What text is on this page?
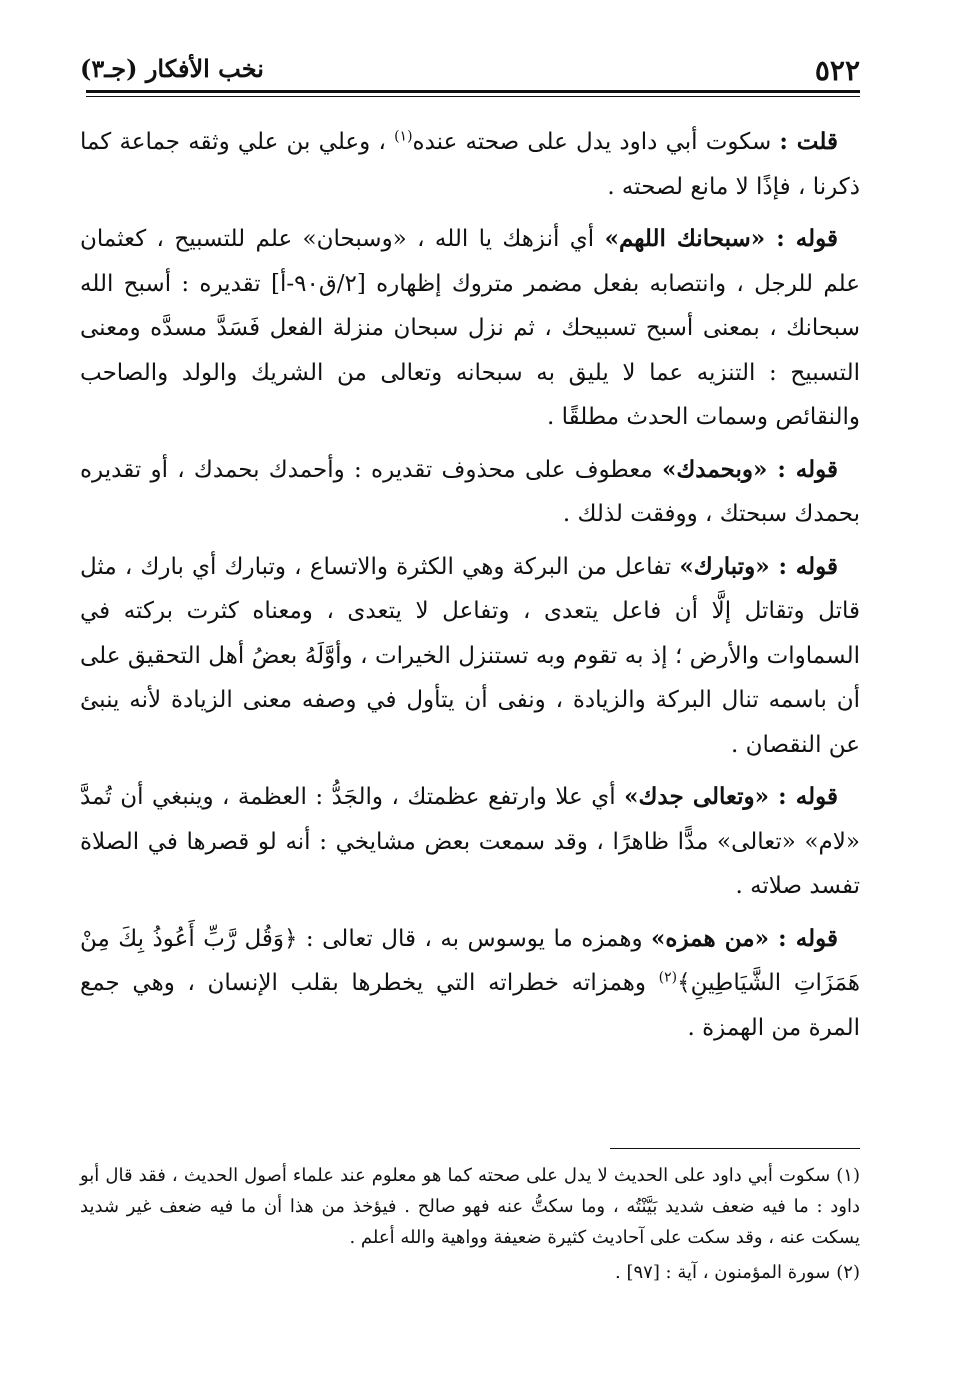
٥٢٢
نخب الأفكار (جـ٣)

قلت : سكوت أبي داود يدل على صحته عنده$^{(١)}$ ، وعلي بن علي وثقه جماعة كما ذكرنا ، فإذًا لا مانع لصحته .

قوله : «سبحانك اللهم» أي أنزهك يا الله ، «وسبحان» علم للتسبيح ، كعثمان علم للرجل ، وانتصابه بفعل مضمر متروك إظهاره [٢/ق٩٠-أ] تقديره : أسبح الله سبحانك ، بمعنى أسبح تسبيحك ، ثم نزل سبحان منزلة الفعل فَسَدَّ مسدَّه ومعنى التسبيح : التنزيه عما لا يليق به سبحانه وتعالى من الشريك والولد والصاحب والنقائص وسمات الحدث مطلقًا .

قوله : «وبحمدك» معطوف على محذوف تقديره : وأحمدك بحمدك ، أو تقديره بحمدك سبحتك ، ووفقت لذلك .

قوله : «وتبارك» تفاعل من البركة وهي الكثرة والاتساع ، وتبارك أي بارك ، مثل قاتل وتقاتل إلَّا أن فاعل يتعدى ، وتفاعل لا يتعدى ، ومعناه كثرت بركته في السماوات والأرض ؛ إذ به تقوم وبه تستنزل الخيرات ، وأوَّلَهُ بعضُ أهل التحقيق على أن باسمه تنال البركة والزيادة ، ونفى أن يتأول في وصفه معنى الزيادة لأنه ينبئ عن النقصان .

قوله : «وتعالى جدك» أي علا وارتفع عظمتك ، والجَدُّ : العظمة ، وينبغي أن تُمدَّ «لام» «تعالى» مدًّا ظاهرًا ، وقد سمعت بعض مشايخي : أنه لو قصرها في الصلاة تفسد صلاته .

قوله : «من همزه» وهمزه ما يوسوس به ، قال تعالى : ﴿وَقُل رَّبِّ أَعُوذُ بِكَ مِنْ هَمَزَاتِ الشَّيَاطِينِ﴾$^{(٢)}$ وهمزاته خطراته التي يخطرها بقلب الإنسان ، وهي جمع المرة من الهمزة .

(١)سكوت أبي داود على الحديث لا يدل على صحته كما هو معلوم عند علماء أصول الحديث ، فقد قال أبو داود : ما فيه ضعف شديد بَيَّنْتُه ، وما سكتُّ عنه فهو صالح . فيؤخذ من هذا أن ما فيه ضعف غير شديد يسكت عنه ، وقد سكت على آحاديث كثيرة ضعيفة وواهية والله أعلم .

(٢)سورة المؤمنون ، آية : [٩٧] .
